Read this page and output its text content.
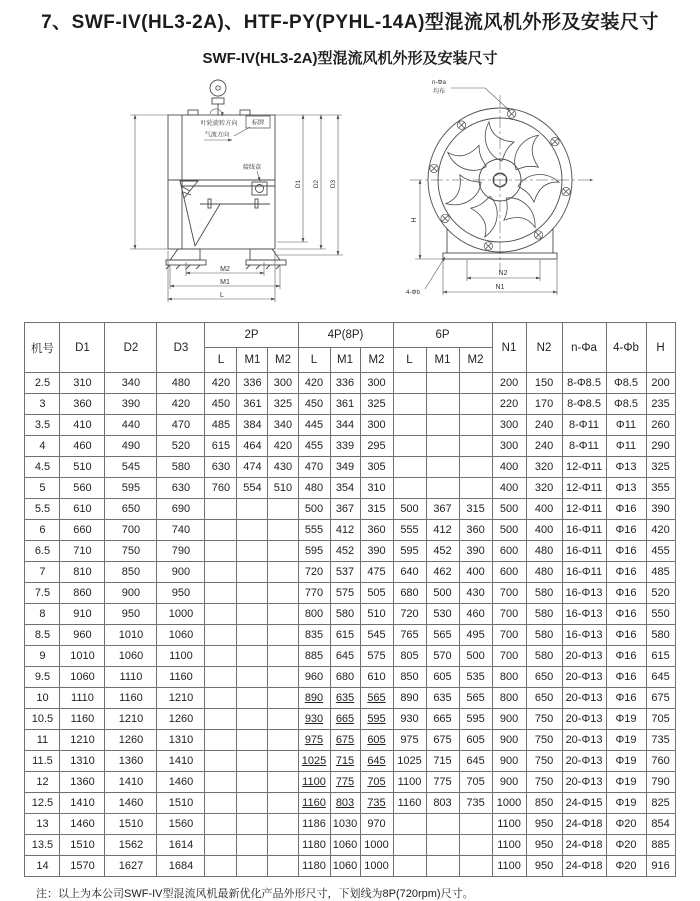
7、SWF-IV(HL3-2A)、HTF-PY(PYHL-14A)型混流风机外形及安装尺寸
SWF-IV(HL3-2A)型混流风机外形及安装尺寸
叶轮旋转方向 标牌
气流方向
接线盒
M2
M1
L
D1 D2 D3
n-Φa
均布
4-Φb
H
N2
N1
机号	D1	D2	D3	2P			4P(8P)			6P			N1	N2	n-Φa	4-Φb	H
				L	M1	M2	L	M1	M2	L	M1	M2					
2.5	310	340	480	420	336	300	420	336	300				200	150	8-Φ8.5	Φ8.5	200
3	360	390	420	450	361	325	450	361	325				220	170	8-Φ8.5	Φ8.5	235
3.5	410	440	470	485	384	340	445	344	300				300	240	8-Φ11	Φ11	260
4	460	490	520	615	464	420	455	339	295				300	240	8-Φ11	Φ11	290
4.5	510	545	580	630	474	430	470	349	305				400	320	12-Φ11	Φ13	325
5	560	595	630	760	554	510	480	354	310				400	320	12-Φ11	Φ13	355
5.5	610	650	690				500	367	315	500	367	315	500	400	12-Φ11	Φ16	390
6	660	700	740				555	412	360	555	412	360	500	400	16-Φ11	Φ16	420
6.5	710	750	790				595	452	390	595	452	390	600	480	16-Φ11	Φ16	455
7	810	850	900				720	537	475	640	462	400	600	480	16-Φ11	Φ16	485
7.5	860	900	950				770	575	505	680	500	430	700	580	16-Φ13	Φ16	520
8	910	950	1000				800	580	510	720	530	460	700	580	16-Φ13	Φ16	550
8.5	960	1010	1060				835	615	545	765	565	495	700	580	16-Φ13	Φ16	580
9	1010	1060	1100				885	645	575	805	570	500	700	580	20-Φ13	Φ16	615
9.5	1060	1110	1160				960	680	610	850	605	535	800	650	20-Φ13	Φ16	645
10	1110	1160	1210				890	635	565	890	635	565	800	650	20-Φ13	Φ16	675
10.5	1160	1210	1260				930	665	595	930	665	595	900	750	20-Φ13	Φ19	705
11	1210	1260	1310				975	675	605	975	675	605	900	750	20-Φ13	Φ19	735
11.5	1310	1360	1410				1025	715	645	1025	715	645	900	750	20-Φ13	Φ19	760
12	1360	1410	1460				1100	775	705	1100	775	705	900	750	20-Φ13	Φ19	790
12.5	1410	1460	1510				1160	803	735	1160	803	735	1000	850	24-Φ15	Φ19	825
13	1460	1510	1560				1186	1030	970				1100	950	24-Φ18	Φ20	854
13.5	1510	1562	1614				1180	1060	1000				1100	950	24-Φ18	Φ20	885
14	1570	1627	1684				1180	1060	1000				1100	950	24-Φ18	Φ20	916

注：以上为本公司SWF-IV型混流风机最新优化产品外形尺寸，下划线为8P(720rpm)尺寸。
